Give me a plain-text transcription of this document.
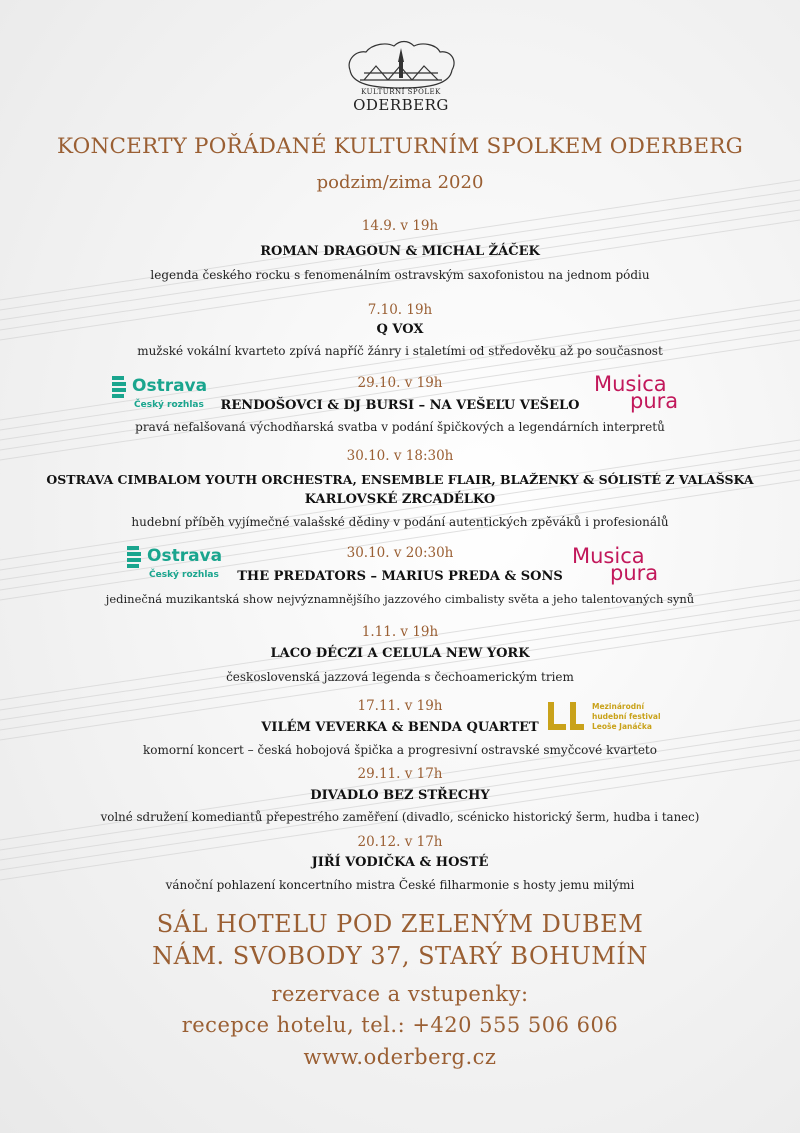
KULTURNÍ SPOLEK
ODERBERG
KONCERTY POŘÁDANÉ KULTURNÍM SPOLKEM ODERBERG
podzim/zima 2020
14.9. v 19h
ROMAN DRAGOUN & MICHAL ŽÁČEK
legenda českého rocku s fenomenálním ostravským saxofonistou na jednom pódiu
7.10. 19h
Q VOX
mužské vokální kvarteto zpívá napříč žánry i staletími od středověku až po současnost
29.10. v 19h
RENDOŠOVCI & DJ BURSI – NA VEŠEĽU VEŠELO
pravá nefalšovaná východňarská svatba v podání špičkových a legendárních interpretů
30.10. v 18:30h
OSTRAVA CIMBALOM YOUTH ORCHESTRA, ENSEMBLE FLAIR, BLAŽENKY & SÓLISTÉ Z VALAŠSKA
KARLOVSKÉ ZRCADÉLKO
hudební příběh vyjímečné valašské dědiny v podání autentických zpěváků i profesionálů
30.10. v 20:30h
THE PREDATORS – MARIUS PREDA & SONS
jedinečná muzikantská show nejvýznamnějšího jazzového cimbalisty světa a jeho talentovaných synů
1.11. v 19h
LACO DÉCZI A CELULA NEW YORK
československá jazzová legenda s čechoamerickým triem
17.11. v 19h
VILÉM VEVERKA & BENDA QUARTET
komorní koncert – česká hobojová špička a progresivní ostravské smyčcové kvarteto
29.11. v 17h
DIVADLO BEZ STŘECHY
volné sdružení komediantů přepestrého zaměření (divadlo, scénicko historický šerm, hudba i tanec)
20.12. v 17h
JIŘÍ VODIČKA & HOSTÉ
vánoční pohlazení koncertního mistra České filharmonie s hosty jemu milými
Ostrava
Český rozhlas
Musica
pura
Ostrava
Český rozhlas
Musica
pura
Mezinárodní
hudební festival
Leoše Janáčka
SÁL HOTELU POD ZELENÝM DUBEM
NÁM. SVOBODY 37, STARÝ BOHUMÍN
rezervace a vstupenky:
recepce hotelu, tel.: +420 555 506 606
www.oderberg.cz
